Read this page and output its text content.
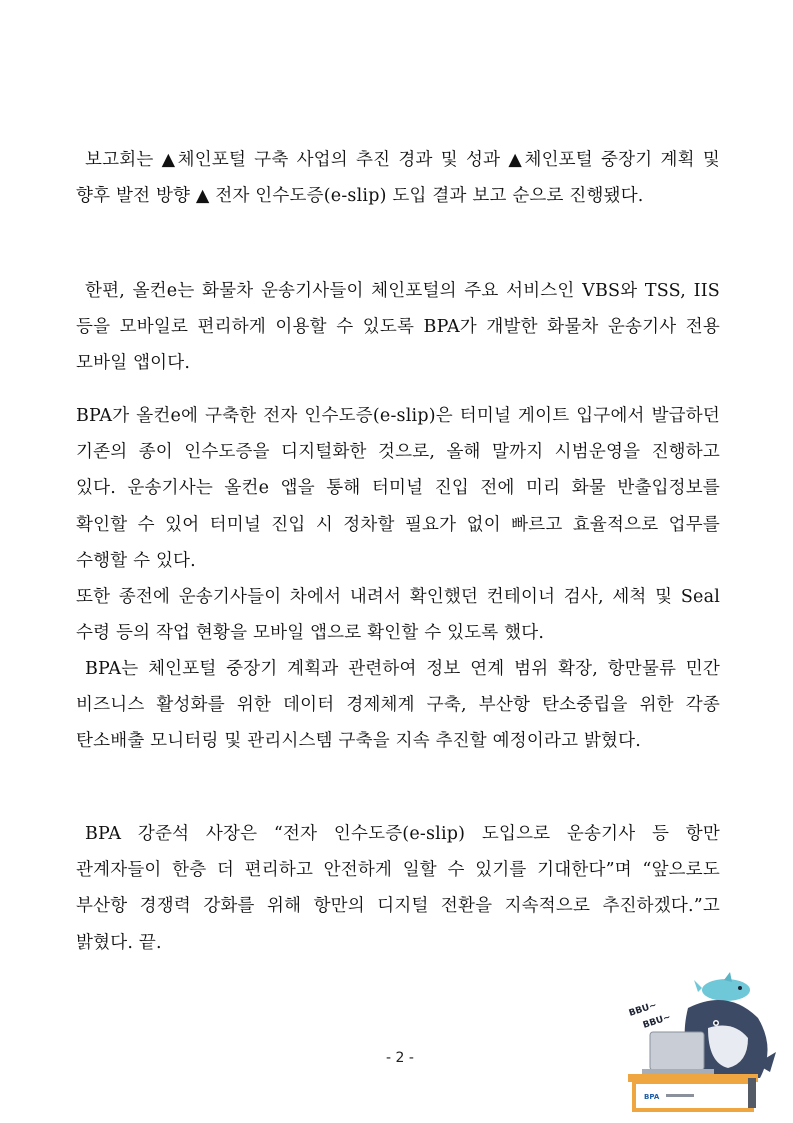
보고회는 ▲체인포털 구축 사업의 추진 경과 및 성과 ▲체인포털 중장기 계획 및 향후 발전 방향 ▲ 전자 인수도증(e-slip) 도입 결과 보고 순으로 진행됐다.

한편, 올컨e는 화물차 운송기사들이 체인포털의 주요 서비스인 VBS와 TSS, IIS 등을 모바일로 편리하게 이용할 수 있도록 BPA가 개발한 화물차 운송기사 전용 모바일 앱이다.

BPA가 올컨e에 구축한 전자 인수도증(e-slip)은 터미널 게이트 입구에서 발급하던 기존의 종이 인수도증을 디지털화한 것으로, 올해 말까지 시범운영을 진행하고 있다. 운송기사는 올컨e 앱을 통해 터미널 진입 전에 미리 화물 반출입정보를 확인할 수 있어 터미널 진입 시 정차할 필요가 없이 빠르고 효율적으로 업무를 수행할 수 있다.
또한 종전에 운송기사들이 차에서 내려서 확인했던 컨테이너 검사, 세척 및 Seal 수령 등의 작업 현황을 모바일 앱으로 확인할 수 있도록 했다.

BPA는 체인포털 중장기 계획과 관련하여 정보 연계 범위 확장, 항만물류 민간 비즈니스 활성화를 위한 데이터 경제체계 구축, 부산항 탄소중립을 위한 각종 탄소배출 모니터링 및 관리시스템 구축을 지속 추진할 예정이라고 밝혔다.

BPA 강준석 사장은 “전자 인수도증(e-slip) 도입으로 운송기사 등 항만 관계자들이 한층 더 편리하고 안전하게 일할 수 있기를 기대한다”며 “앞으로도 부산항 경쟁력 강화를 위해 항만의 디지털 전환을 지속적으로 추진하겠다.”고 밝혔다. 끝.

- 2 -
BBU~
BBU~
BPA
